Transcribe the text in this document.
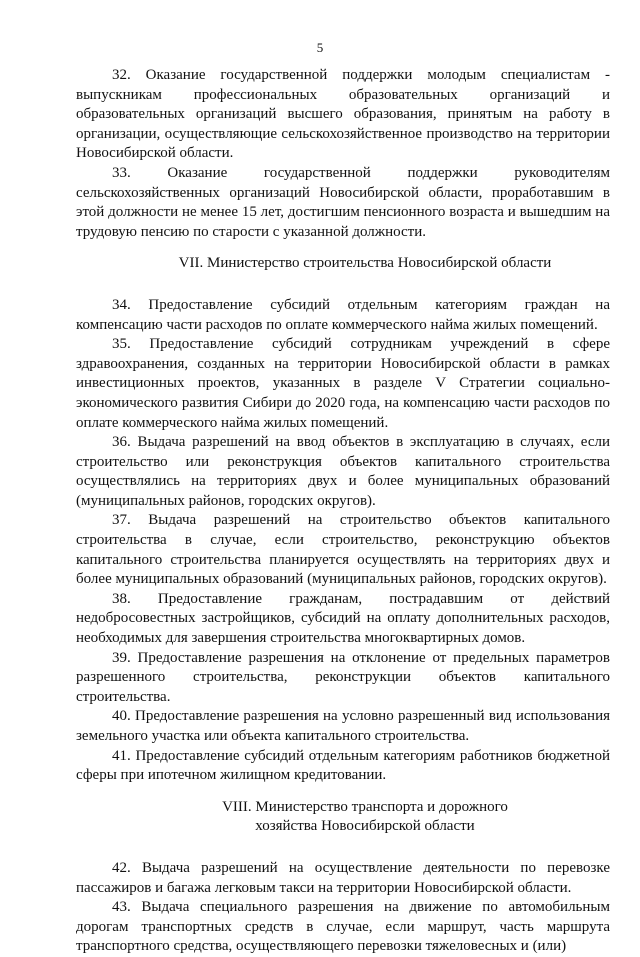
5

32. Оказание государственной поддержки молодым специалистам - выпускникам профессиональных образовательных организаций и образовательных организаций высшего образования, принятым на работу в организации, осуществляющие сельскохозяйственное производство на территории Новосибирской области.

33. Оказание государственной поддержки руководителям сельскохозяйственных организаций Новосибирской области, проработавшим в этой должности не менее 15 лет, достигшим пенсионного возраста и вышедшим на трудовую пенсию по старости с указанной должности.

VII. Министерство строительства Новосибирской области

34. Предоставление субсидий отдельным категориям граждан на компенсацию части расходов по оплате коммерческого найма жилых помещений.

35. Предоставление субсидий сотрудникам учреждений в сфере здравоохранения, созданных на территории Новосибирской области в рамках инвестиционных проектов, указанных в разделе V Стратегии социально-экономического развития Сибири до 2020 года, на компенсацию части расходов по оплате коммерческого найма жилых помещений.

36. Выдача разрешений на ввод объектов в эксплуатацию в случаях, если строительство или реконструкция объектов капитального строительства осуществлялись на территориях двух и более муниципальных образований (муниципальных районов, городских округов).

37. Выдача разрешений на строительство объектов капитального строительства в случае, если строительство, реконструкцию объектов капитального строительства планируется осуществлять на территориях двух и более муниципальных образований (муниципальных районов, городских округов).

38. Предоставление гражданам, пострадавшим от действий недобросовестных застройщиков, субсидий на оплату дополнительных расходов, необходимых для завершения строительства многоквартирных домов.

39. Предоставление разрешения на отклонение от предельных параметров разрешенного строительства, реконструкции объектов капитального строительства.

40. Предоставление разрешения на условно разрешенный вид использования земельного участка или объекта капитального строительства.

41. Предоставление субсидий отдельным категориям работников бюджетной сферы при ипотечном жилищном кредитовании.

VIII. Министерство транспорта и дорожного
хозяйства Новосибирской области

42. Выдача разрешений на осуществление деятельности по перевозке пассажиров и багажа легковым такси на территории Новосибирской области.

43. Выдача специального разрешения на движение по автомобильным дорогам транспортных средств в случае, если маршрут, часть маршрута транспортного средства, осуществляющего перевозки тяжеловесных и (или)
